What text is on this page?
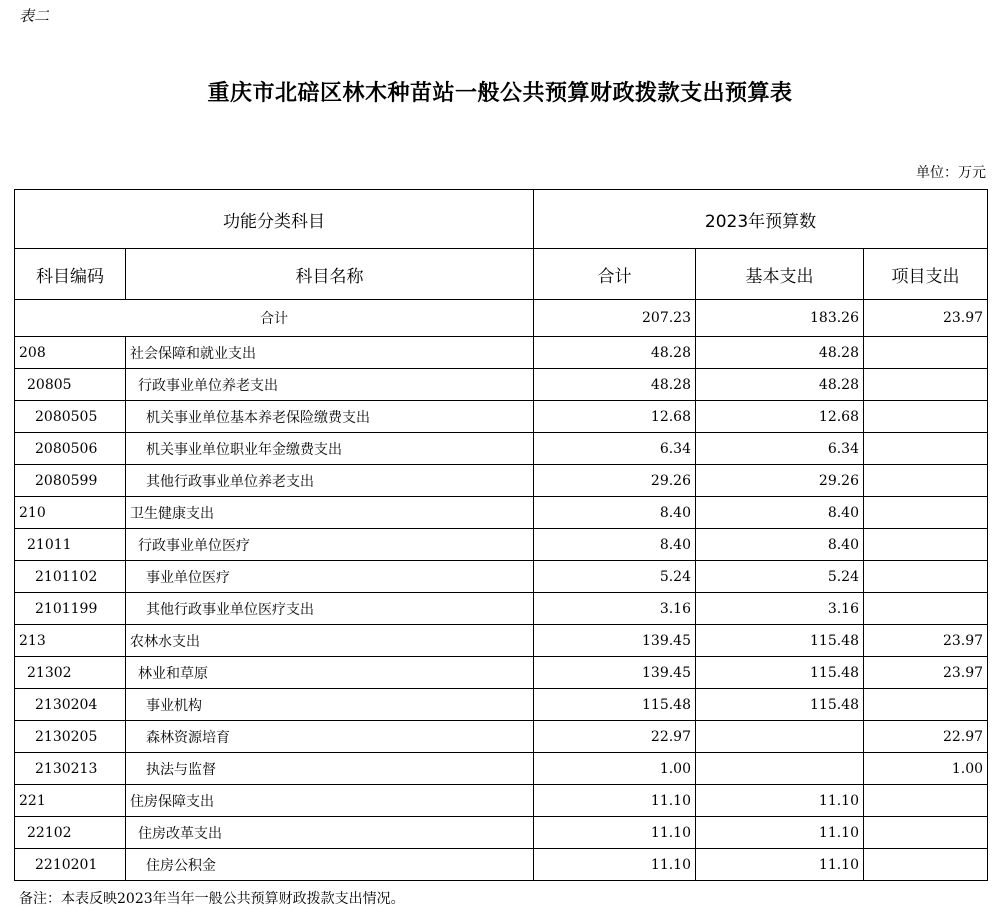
表二
重庆市北碚区林木种苗站一般公共预算财政拨款支出预算表
单位：万元
功能分类科目		2023年预算数		
科目编码	科目名称	合计	基本支出	项目支出
合计		207.23	183.26	23.97
208	社会保障和就业支出	48.28	48.28	
20805	行政事业单位养老支出	48.28	48.28	
2080505	机关事业单位基本养老保险缴费支出	12.68	12.68	
2080506	机关事业单位职业年金缴费支出	6.34	6.34	
2080599	其他行政事业单位养老支出	29.26	29.26	
210	卫生健康支出	8.40	8.40	
21011	行政事业单位医疗	8.40	8.40	
2101102	事业单位医疗	5.24	5.24	
2101199	其他行政事业单位医疗支出	3.16	3.16	
213	农林水支出	139.45	115.48	23.97
21302	林业和草原	139.45	115.48	23.97
2130204	事业机构	115.48	115.48	
2130205	森林资源培育	22.97		22.97
2130213	执法与监督	1.00		1.00
221	住房保障支出	11.10	11.10	
22102	住房改革支出	11.10	11.10	
2210201	住房公积金	11.10	11.10	
备注：本表反映2023年当年一般公共预算财政拨款支出情况。
